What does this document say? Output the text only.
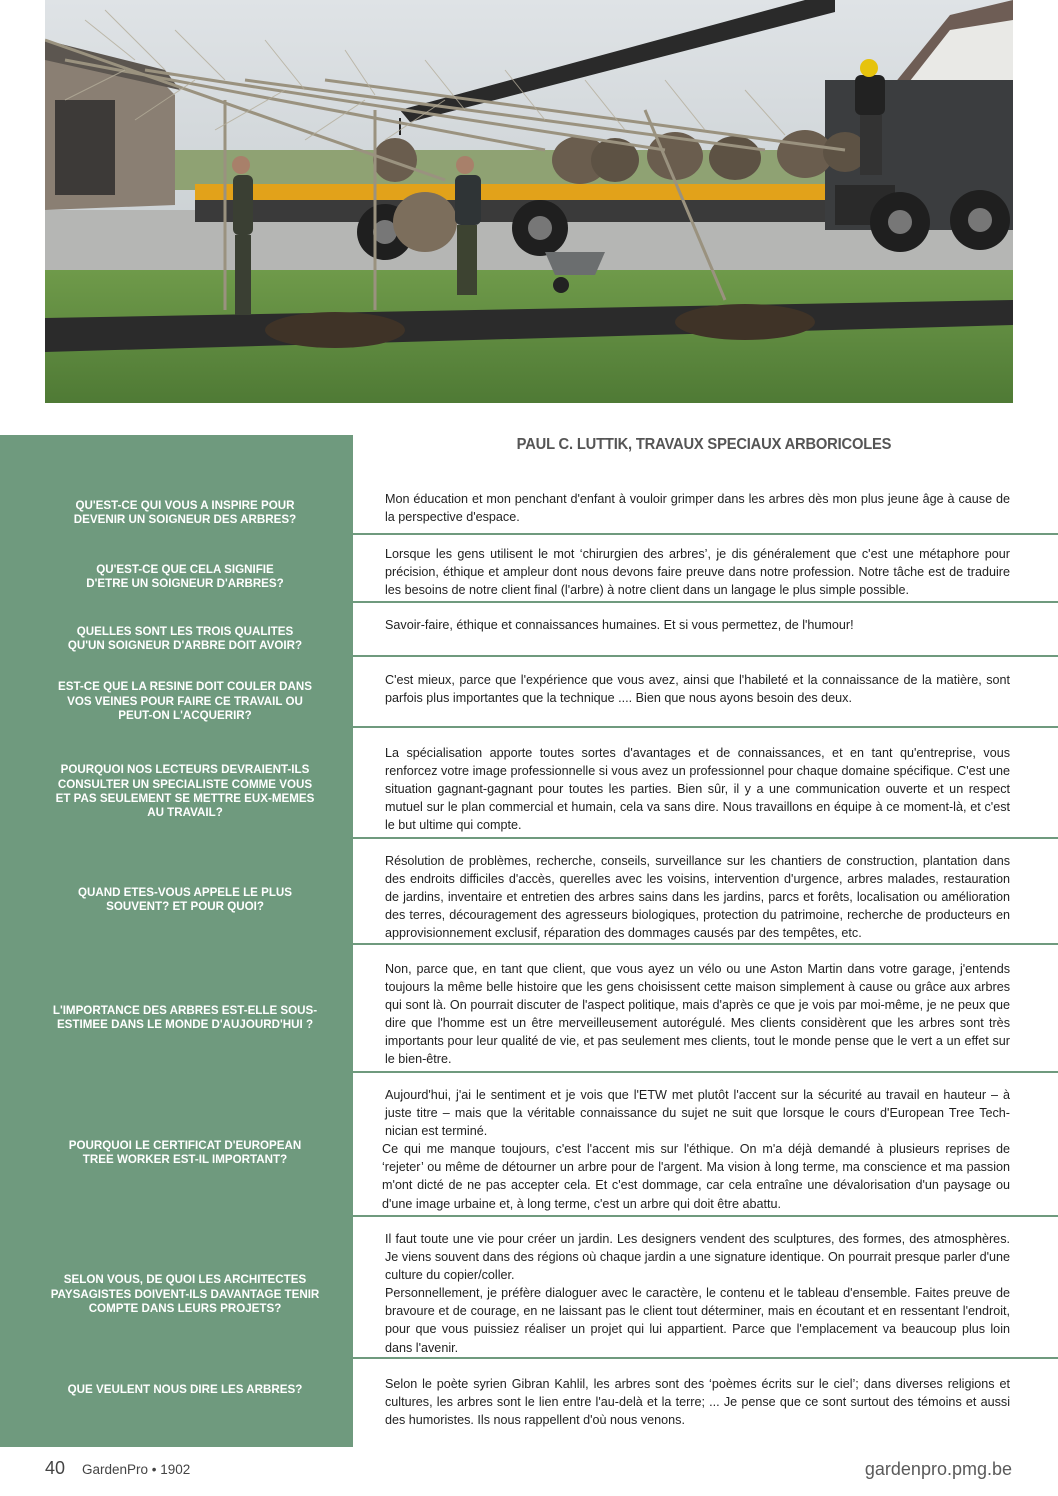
QU'EST-CE QUI VOUS A INSPIRE POUR
DEVENIR UN SOIGNEUR DES ARBRES?
QU'EST-CE QUE CELA SIGNIFIE
D'ETRE UN SOIGNEUR D'ARBRES?
QUELLES SONT LES TROIS QUALITES
QU'UN SOIGNEUR D'ARBRE DOIT AVOIR?
EST-CE QUE LA RESINE DOIT COULER DANS
VOS VEINES POUR FAIRE CE TRAVAIL OU
PEUT-ON L'ACQUERIR?
POURQUOI NOS LECTEURS DEVRAIENT-ILS
CONSULTER UN SPECIALISTE COMME VOUS
ET PAS SEULEMENT SE METTRE EUX-MEMES
AU TRAVAIL?
QUAND ETES-VOUS APPELE LE PLUS
SOUVENT? ET POUR QUOI?
L'IMPORTANCE DES ARBRES EST-ELLE SOUS-
ESTIMEE DANS LE MONDE D'AUJOURD'HUI ?
POURQUOI LE CERTIFICAT D'EUROPEAN
TREE WORKER EST-IL IMPORTANT?
SELON VOUS, DE QUOI LES ARCHITECTES
PAYSAGISTES DOIVENT-ILS DAVANTAGE TENIR
COMPTE DANS LEURS PROJETS?
QUE VEULENT NOUS DIRE LES ARBRES?
PAUL C. LUTTIK, TRAVAUX SPECIAUX ARBORICOLES

Mon éducation et mon penchant d'enfant à vouloir grimper dans les arbres dès mon plus jeune âge à cause de la perspective d'espace.

Lorsque les gens utilisent le mot ‘chirurgien des arbres’, je dis généralement que c'est une métaphore pour précision, éthique et ampleur dont nous devons faire preuve dans notre profession. Notre tâche est de traduire les besoins de notre client final (l'arbre) à notre client dans un langage le plus simple possible.

Savoir-faire, éthique et connaissances humaines. Et si vous permettez, de l'humour!

C'est mieux, parce que l'expérience que vous avez, ainsi que l'habileté et la connaissance de la matière, sont parfois plus importantes que la technique .... Bien que nous ayons besoin des deux.

La spécialisation apporte toutes sortes d'avantages et de connaissances, et en tant qu'entreprise, vous renforcez votre image professionnelle si vous avez un professionnel pour chaque domaine spécifique. C'est une situation gagnant-gagnant pour toutes les parties. Bien sûr, il y a une communication ouverte et un respect mutuel sur le plan commercial et humain, cela va sans dire. Nous travaillons en équipe à ce moment-là, et c'est le but ultime qui compte.

Résolution de problèmes, recherche, conseils, surveillance sur les chantiers de construction, plantation dans des endroits difficiles d'accès, querelles avec les voisins, intervention d'urgence, arbres malades, restauration de jardins, inventaire et entretien des arbres sains dans les jardins, parcs et forêts, localisation ou amélioration des terres, découragement des agresseurs biologiques, protection du patrimoine, recherche de producteurs en approvisionnement exclusif, réparation des dommages causés par des tempêtes, etc.

Non, parce que, en tant que client, que vous ayez un vélo ou une Aston Martin dans votre garage, j'entends toujours la même belle histoire que les gens choisissent cette maison simplement à cause ou grâce aux arbres qui sont là. On pourrait discuter de l'aspect politique, mais d'après ce que je vois par moi-même, je ne peux que dire que l'homme est un être merveilleusement autorégulé. Mes clients considèrent que les arbres sont très importants pour leur qualité de vie, et pas seulement mes clients, tout le monde pense que le vert a un effet sur le bien-être.

Aujourd'hui, j'ai le sentiment et je vois que l'ETW met plutôt l'accent sur la sécurité au travail en hauteur – à juste titre – mais que la véritable connaissance du sujet ne suit que lorsque le cours d'European Tree Tech-nician est terminé.

Ce qui me manque toujours, c'est l'accent mis sur l'éthique. On m'a déjà demandé à plusieurs reprises de ‘rejeter’ ou même de détourner un arbre pour de l'argent. Ma vision à long terme, ma conscience et ma passion m'ont dicté de ne pas accepter cela. Et c'est dommage, car cela entraîne une dévalorisation d'un paysage ou d'une image urbaine et, à long terme, c'est un arbre qui doit être abattu.

Il faut toute une vie pour créer un jardin. Les designers vendent des sculptures, des formes, des atmosphères. Je viens souvent dans des régions où chaque jardin a une signature identique. On pourrait presque parler d'une culture du copier/coller.

Personnellement, je préfère dialoguer avec le caractère, le contenu et le tableau d'ensemble. Faites preuve de bravoure et de courage, en ne laissant pas le client tout déterminer, mais en écoutant et en ressentant l'endroit, pour que vous puissiez réaliser un projet qui lui appartient. Parce que l'emplacement va beaucoup plus loin dans l'avenir.

Selon le poète syrien Gibran Kahlil, les arbres sont des ‘poèmes écrits sur le ciel’; dans diverses religions et cultures, les arbres sont le lien entre l'au-delà et la terre; ... Je pense que ce sont surtout des témoins et aussi des humoristes. Ils nous rappellent d'où nous venons.

40 GardenPro • 1902	gardenpro.pmg.be
